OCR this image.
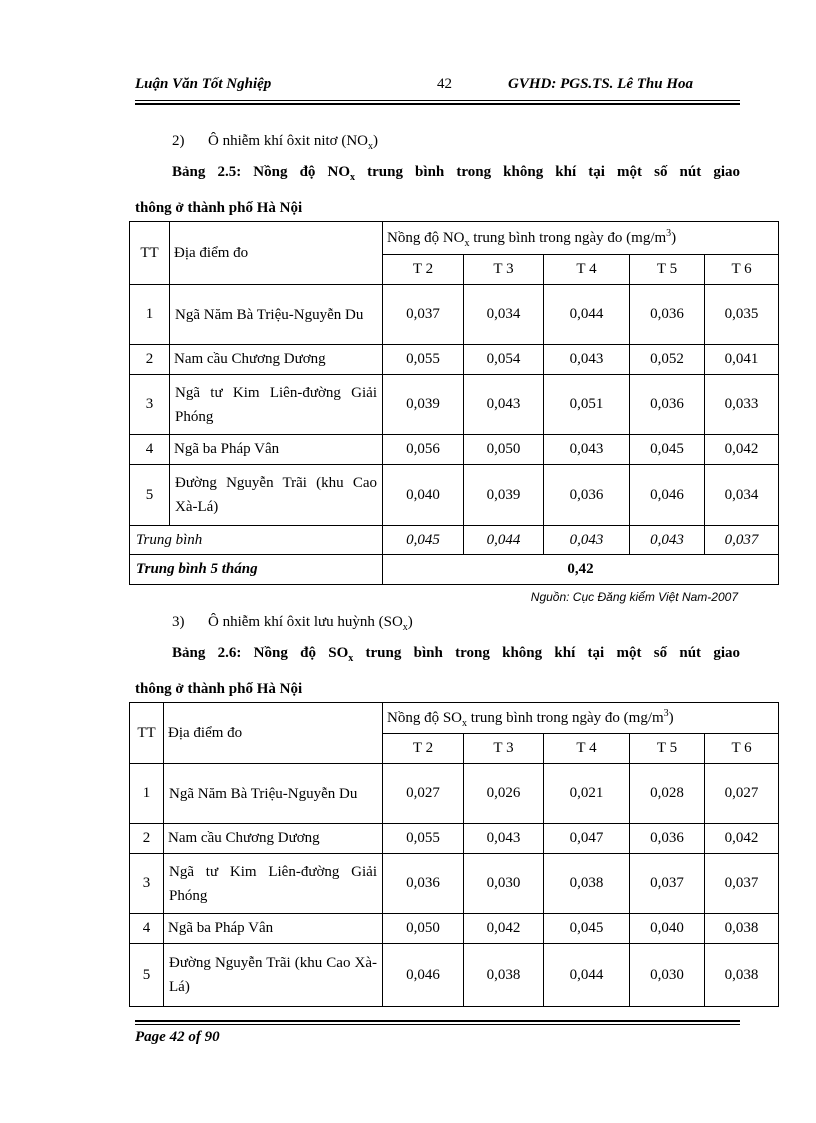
Luận Văn Tốt Nghiệp	42	GVHD: PGS.TS. Lê Thu Hoa
2) Ô nhiễm khí ôxit nitơ $(NO_x)$
Bảng 2.5: Nồng độ $NO_x$ trung bình trong không khí tại một số nút giao
thông ở thành phố Hà Nội
TT	Địa điểm đo	Nồng độ $NO_x$ trung bình trong ngày đo $(mg/m^3)$				
		T 2	T 3	T 4	T 5	T 6
1	Ngã Năm Bà Triệu-Nguyễn Du	0,037	0,034	0,044	0,036	0,035
2	Nam cầu Chương Dương	0,055	0,054	0,043	0,052	0,041
3	Ngã tư Kim Liên-đường Giải Phóng	0,039	0,043	0,051	0,036	0,033
4	Ngã ba Pháp Vân	0,056	0,050	0,043	0,045	0,042
5	Đường Nguyễn Trãi (khu Cao Xà-Lá)	0,040	0,039	0,036	0,046	0,034
Trung bình		0,045	0,044	0,043	0,043	0,037
Trung bình 5 tháng		0,42				
Nguồn: Cục Đăng kiểm Việt Nam-2007
3) Ô nhiễm khí ôxit lưu huỳnh $(SO_x)$
Bảng 2.6: Nồng độ $SO_x$ trung bình trong không khí tại một số nút giao
thông ở thành phố Hà Nội
TT	Địa điểm đo	Nồng độ $SO_x$ trung bình trong ngày đo $(mg/m^3)$				
		T 2	T 3	T 4	T 5	T 6
1	Ngã Năm Bà Triệu-Nguyễn Du	0,027	0,026	0,021	0,028	0,027
2	Nam cầu Chương Dương	0,055	0,043	0,047	0,036	0,042
3	Ngã tư Kim Liên-đường Giải Phóng	0,036	0,030	0,038	0,037	0,037
4	Ngã ba Pháp Vân	0,050	0,042	0,045	0,040	0,038
5	Đường Nguyễn Trãi (khu Cao Xà-Lá)	0,046	0,038	0,044	0,030	0,038
Page 42 of 90
